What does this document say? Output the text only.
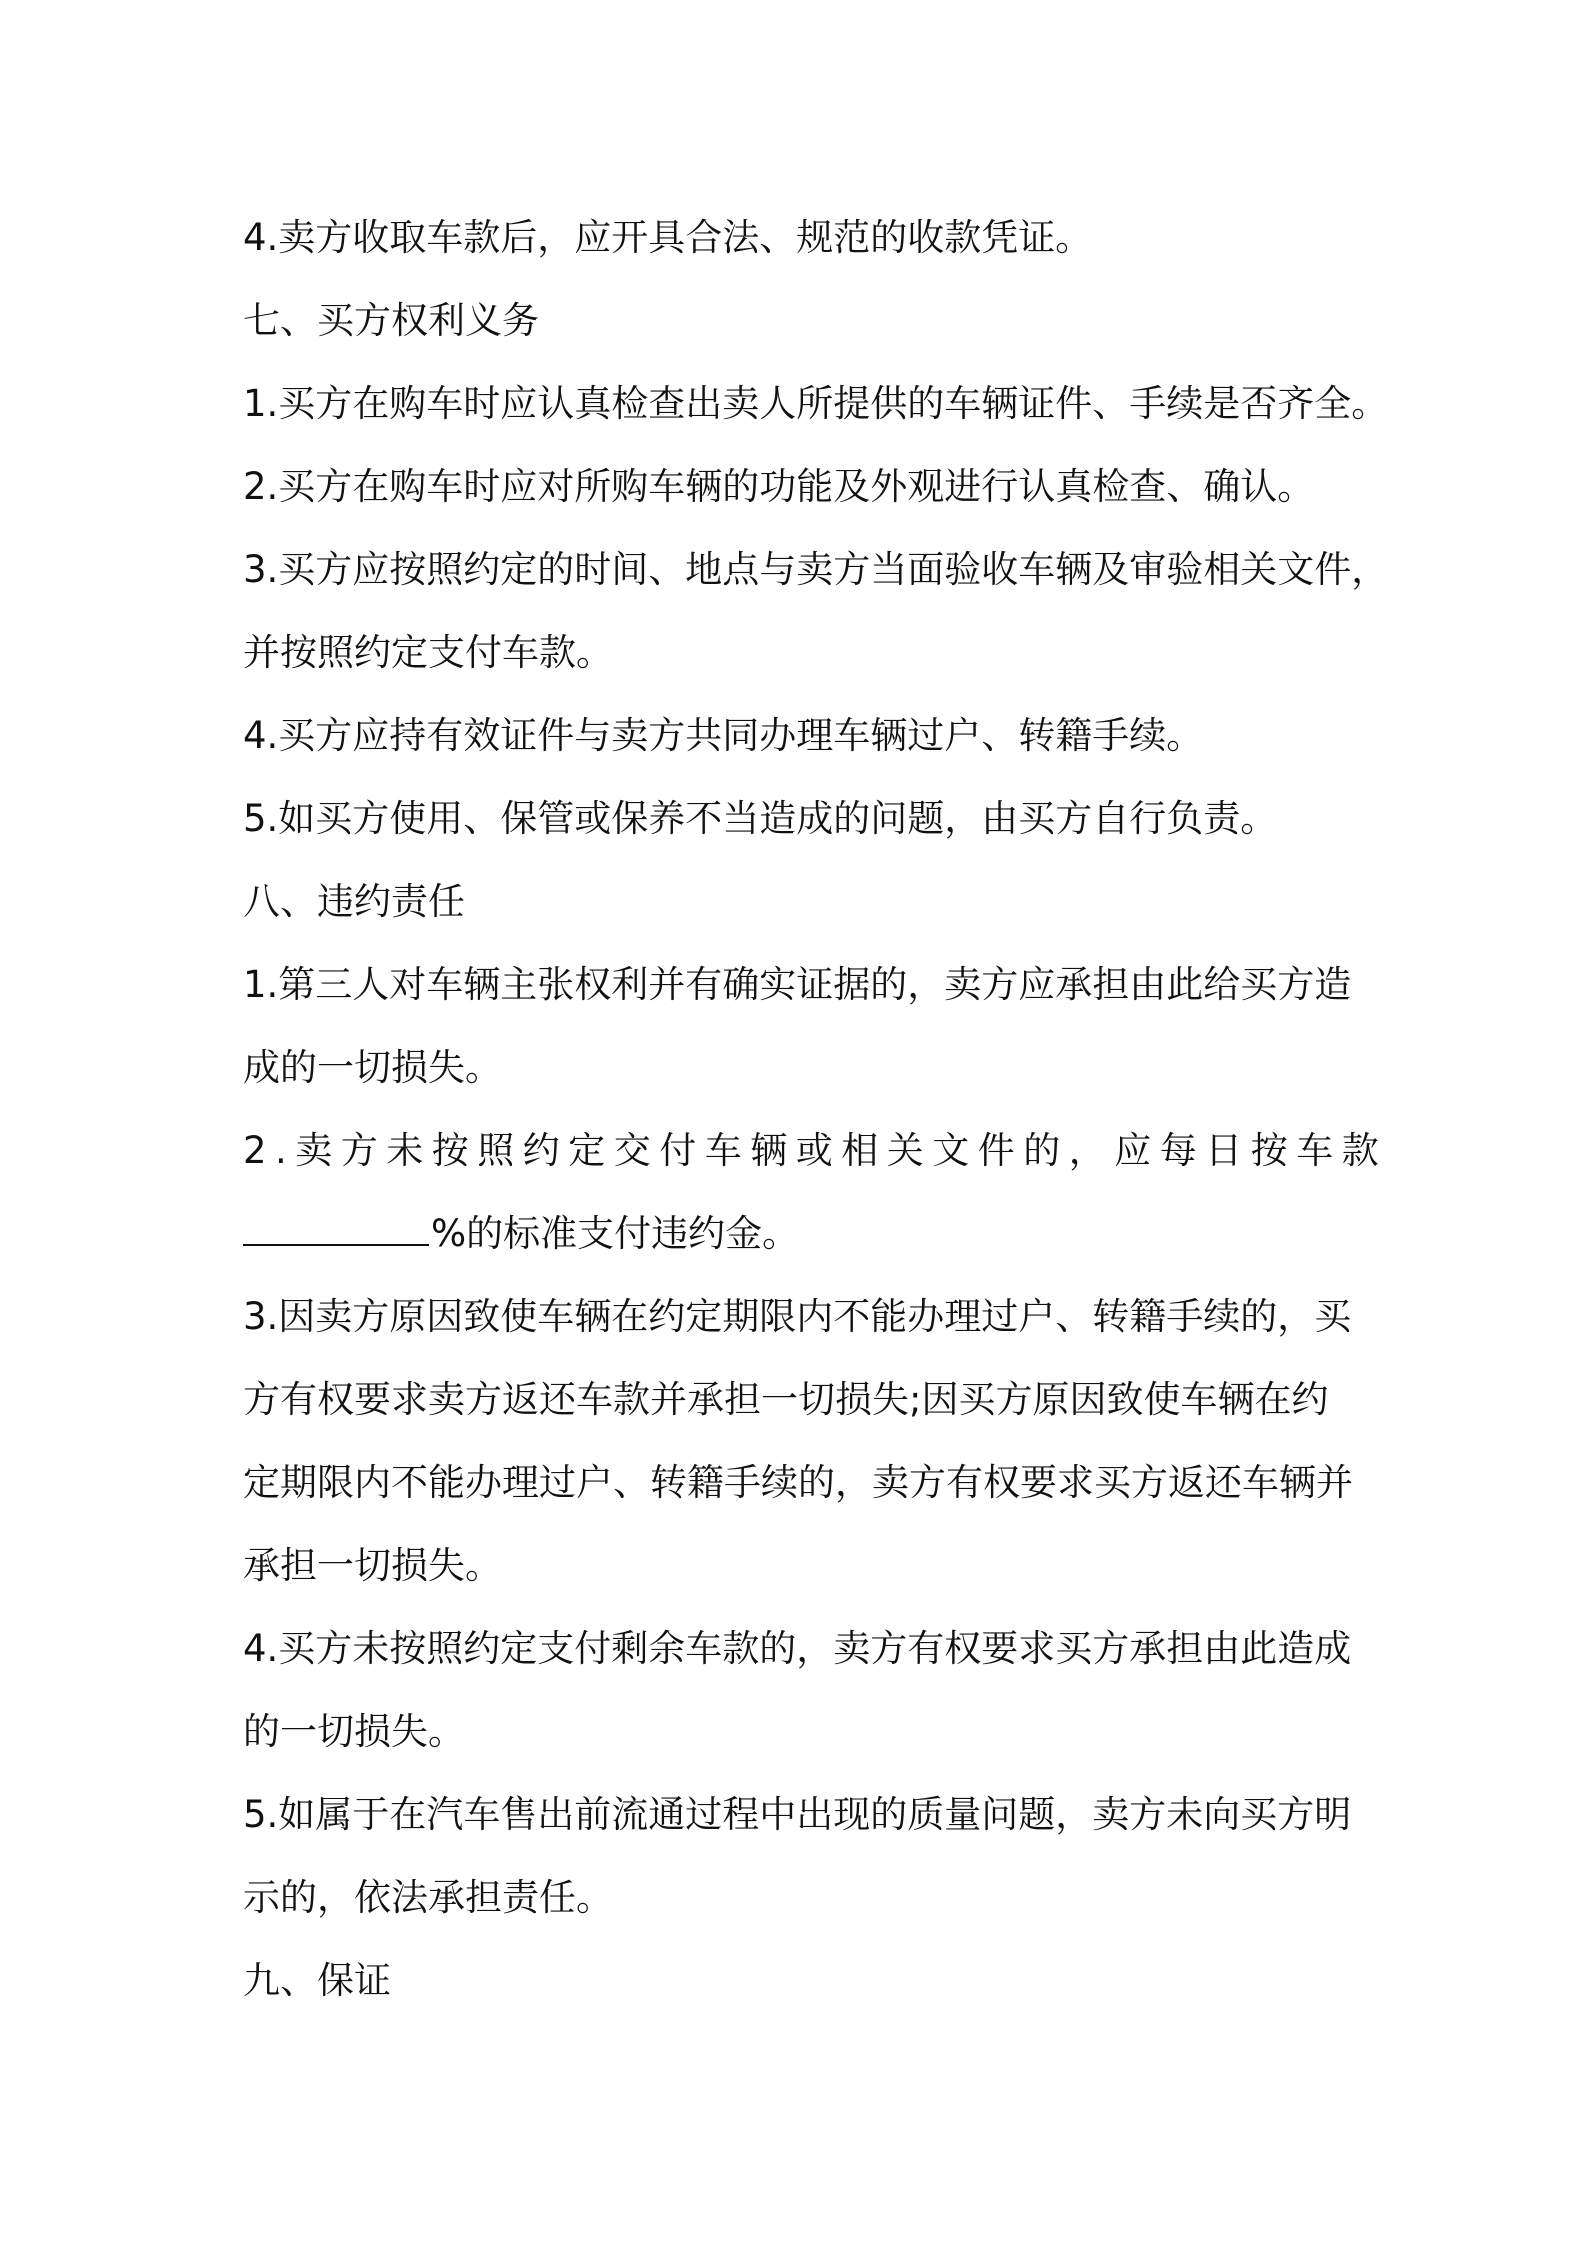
4.卖方收取车款后，应开具合法、规范的收款凭证。
七、买方权利义务
1.买方在购车时应认真检查出卖人所提供的车辆证件、手续是否齐全。
2.买方在购车时应对所购车辆的功能及外观进行认真检查、确认。
3.买方应按照约定的时间、地点与卖方当面验收车辆及审验相关文件，
并按照约定支付车款。
4.买方应持有效证件与卖方共同办理车辆过户、转籍手续。
5.如买方使用、保管或保养不当造成的问题，由买方自行负责。
八、违约责任
1.第三人对车辆主张权利并有确实证据的，卖方应承担由此给买方造
成的一切损失。
2.卖方未按照约定交付车辆或相关文件的，应每日按车款
%的标准支付违约金。
3.因卖方原因致使车辆在约定期限内不能办理过户、转籍手续的，买
方有权要求卖方返还车款并承担一切损失;因买方原因致使车辆在约
定期限内不能办理过户、转籍手续的，卖方有权要求买方返还车辆并
承担一切损失。
4.买方未按照约定支付剩余车款的，卖方有权要求买方承担由此造成
的一切损失。
5.如属于在汽车售出前流通过程中出现的质量问题，卖方未向买方明
示的，依法承担责任。
九、保证
